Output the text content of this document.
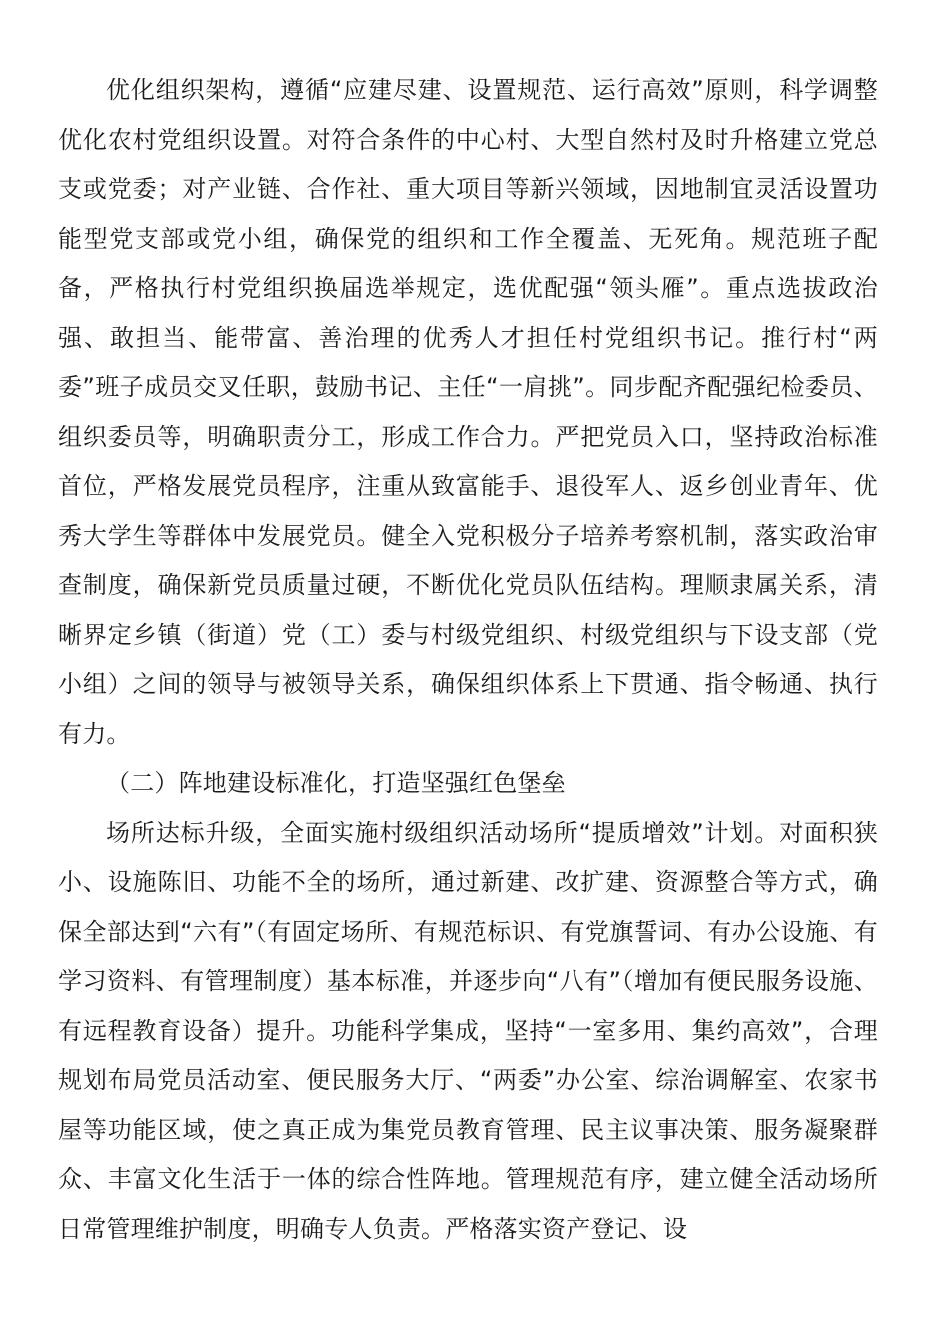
优化组织架构，遵循“应建尽建、设置规范、运行高效”原则，科学调整优化农村党组织设置。对符合条件的中心村、大型自然村及时升格建立党总支或党委；对产业链、合作社、重大项目等新兴领域，因地制宜灵活设置功能型党支部或党小组，确保党的组织和工作全覆盖、无死角。规范班子配备，严格执行村党组织换届选举规定，选优配强“领头雁”。重点选拔政治强、敢担当、能带富、善治理的优秀人才担任村党组织书记。推行村“两委”班子成员交叉任职，鼓励书记、主任“一肩挑”。同步配齐配强纪检委员、组织委员等，明确职责分工，形成工作合力。严把党员入口，坚持政治标准首位，严格发展党员程序，注重从致富能手、退役军人、返乡创业青年、优秀大学生等群体中发展党员。健全入党积极分子培养考察机制，落实政治审查制度，确保新党员质量过硬，不断优化党员队伍结构。理顺隶属关系，清晰界定乡镇（街道）党（工）委与村级党组织、村级党组织与下设支部（党小组）之间的领导与被领导关系，确保组织体系上下贯通、指令畅通、执行有力。

（二）阵地建设标准化，打造坚强红色堡垒

场所达标升级，全面实施村级组织活动场所“提质增效”计划。对面积狭小、设施陈旧、功能不全的场所，通过新建、改扩建、资源整合等方式，确保全部达到“六有”（有固定场所、有规范标识、有党旗誓词、有办公设施、有学习资料、有管理制度）基本标准，并逐步向“八有”（增加有便民服务设施、有远程教育设备）提升。功能科学集成，坚持“一室多用、集约高效”，合理规划布局党员活动室、便民服务大厅、“两委”办公室、综治调解室、农家书屋等功能区域，使之真正成为集党员教育管理、民主议事决策、服务凝聚群众、丰富文化生活于一体的综合性阵地。管理规范有序，建立健全活动场所日常管理维护制度，明确专人负责。严格落实资产登记、设
